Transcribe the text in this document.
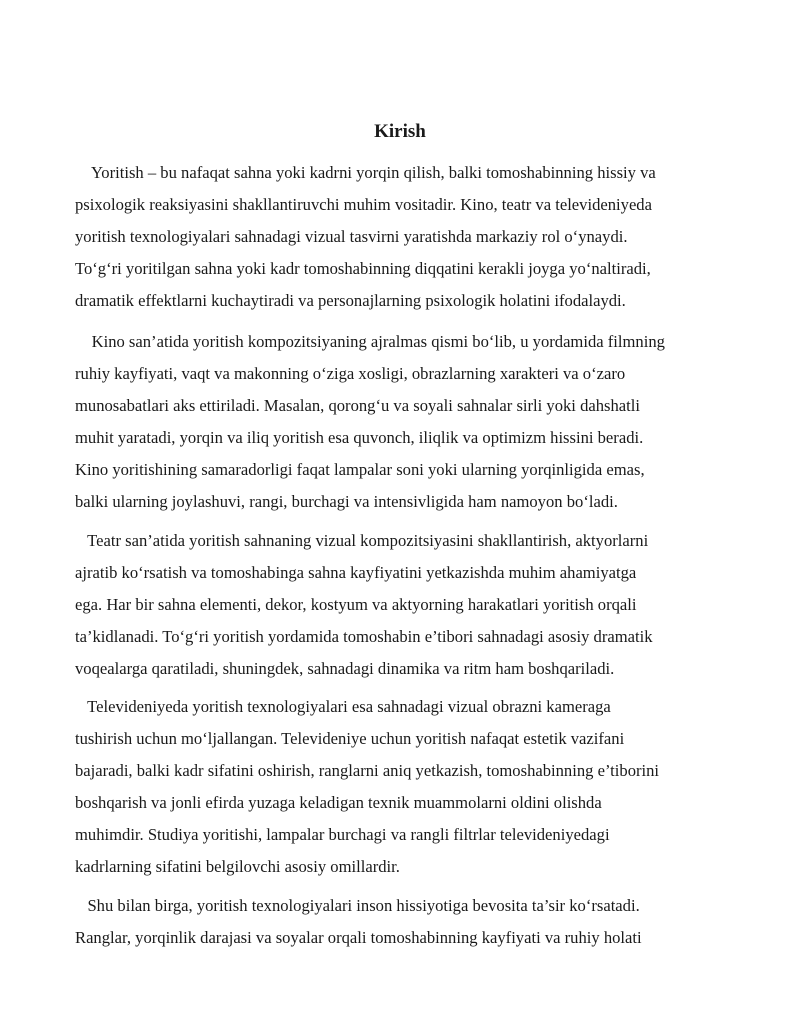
Kirish

Yoritish – bu nafaqat sahna yoki kadrni yorqin qilish, balki tomoshabinning hissiy va
psixologik reaksiyasini shakllantiruvchi muhim vositadir. Kino, teatr va televideniyeda
yoritish texnologiyalari sahnadagi vizual tasvirni yaratishda markaziy rol o‘ynaydi.
To‘g‘ri yoritilgan sahna yoki kadr tomoshabinning diqqatini kerakli joyga yo‘naltiradi,
dramatik effektlarni kuchaytiradi va personajlarning psixologik holatini ifodalaydi.

Kino san’atida yoritish kompozitsiyaning ajralmas qismi bo‘lib, u yordamida filmning
ruhiy kayfiyati, vaqt va makonning o‘ziga xosligi, obrazlarning xarakteri va o‘zaro
munosabatlari aks ettiriladi. Masalan, qorong‘u va soyali sahnalar sirli yoki dahshatli
muhit yaratadi, yorqin va iliq yoritish esa quvonch, iliqlik va optimizm hissini beradi.
Kino yoritishining samaradorligi faqat lampalar soni yoki ularning yorqinligida emas,
balki ularning joylashuvi, rangi, burchagi va intensivligida ham namoyon bo‘ladi.

Teatr san’atida yoritish sahnaning vizual kompozitsiyasini shakllantirish, aktyorlarni
ajratib ko‘rsatish va tomoshabinga sahna kayfiyatini yetkazishda muhim ahamiyatga
ega. Har bir sahna elementi, dekor, kostyum va aktyorning harakatlari yoritish orqali
ta’kidlanadi. To‘g‘ri yoritish yordamida tomoshabin e’tibori sahnadagi asosiy dramatik
voqealarga qaratiladi, shuningdek, sahnadagi dinamika va ritm ham boshqariladi.

Televideniyeda yoritish texnologiyalari esa sahnadagi vizual obrazni kameraga
tushirish uchun mo‘ljallangan. Televideniye uchun yoritish nafaqat estetik vazifani
bajaradi, balki kadr sifatini oshirish, ranglarni aniq yetkazish, tomoshabinning e’tiborini
boshqarish va jonli efirda yuzaga keladigan texnik muammolarni oldini olishda
muhimdir. Studiya yoritishi, lampalar burchagi va rangli filtrlar televideniyedagi
kadrlarning sifatini belgilovchi asosiy omillardir.

Shu bilan birga, yoritish texnologiyalari inson hissiyotiga bevosita ta’sir ko‘rsatadi.
Ranglar, yorqinlik darajasi va soyalar orqali tomoshabinning kayfiyati va ruhiy holati
